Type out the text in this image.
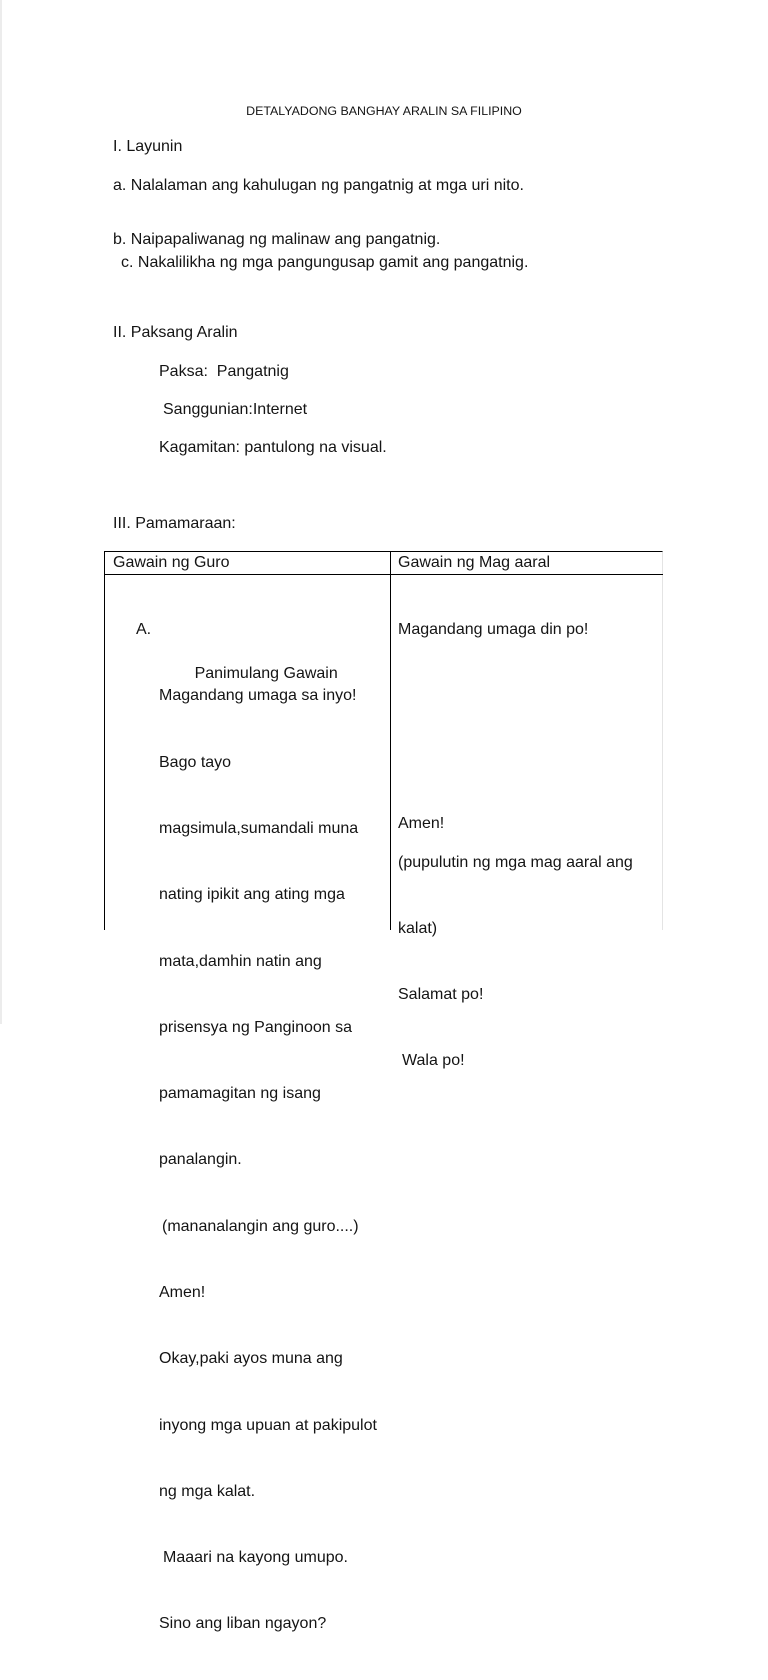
DETALYADONG BANGHAY ARALIN SA FILIPINO
I. Layunin
a. Nalalaman ang kahulugan ng pangatnig at mga uri nito.
b. Naipapaliwanag ng malinaw ang pangatnig.
c. Nakalilikha ng mga pangungusap gamit ang pangatnig.
II. Paksang Aralin
Paksa:  Pangatnig
Sanggunian:Internet
Kagamitan: pantulong na visual.
III. Pamamaraan:
Gawain ng Guro	Gawain ng Mag aaral

A.

Panimulang Gawain

Magandang umaga sa inyo!

Bago tayo

magsimula,sumandali muna

nating ipikit ang ating mga

mata,damhin natin ang

prisensya ng Panginoon sa

pamamagitan ng isang

panalangin.

(mananalangin ang guro....)

Amen!

Okay,paki ayos muna ang

inyong mga upuan at pakipulot

ng mga kalat.

Maaari na kayong umupo.

Sino ang liban ngayon?

Magandang umaga din po!

Amen!

(pupulutin ng mga mag aaral ang

kalat)

Salamat po!

Wala po!
